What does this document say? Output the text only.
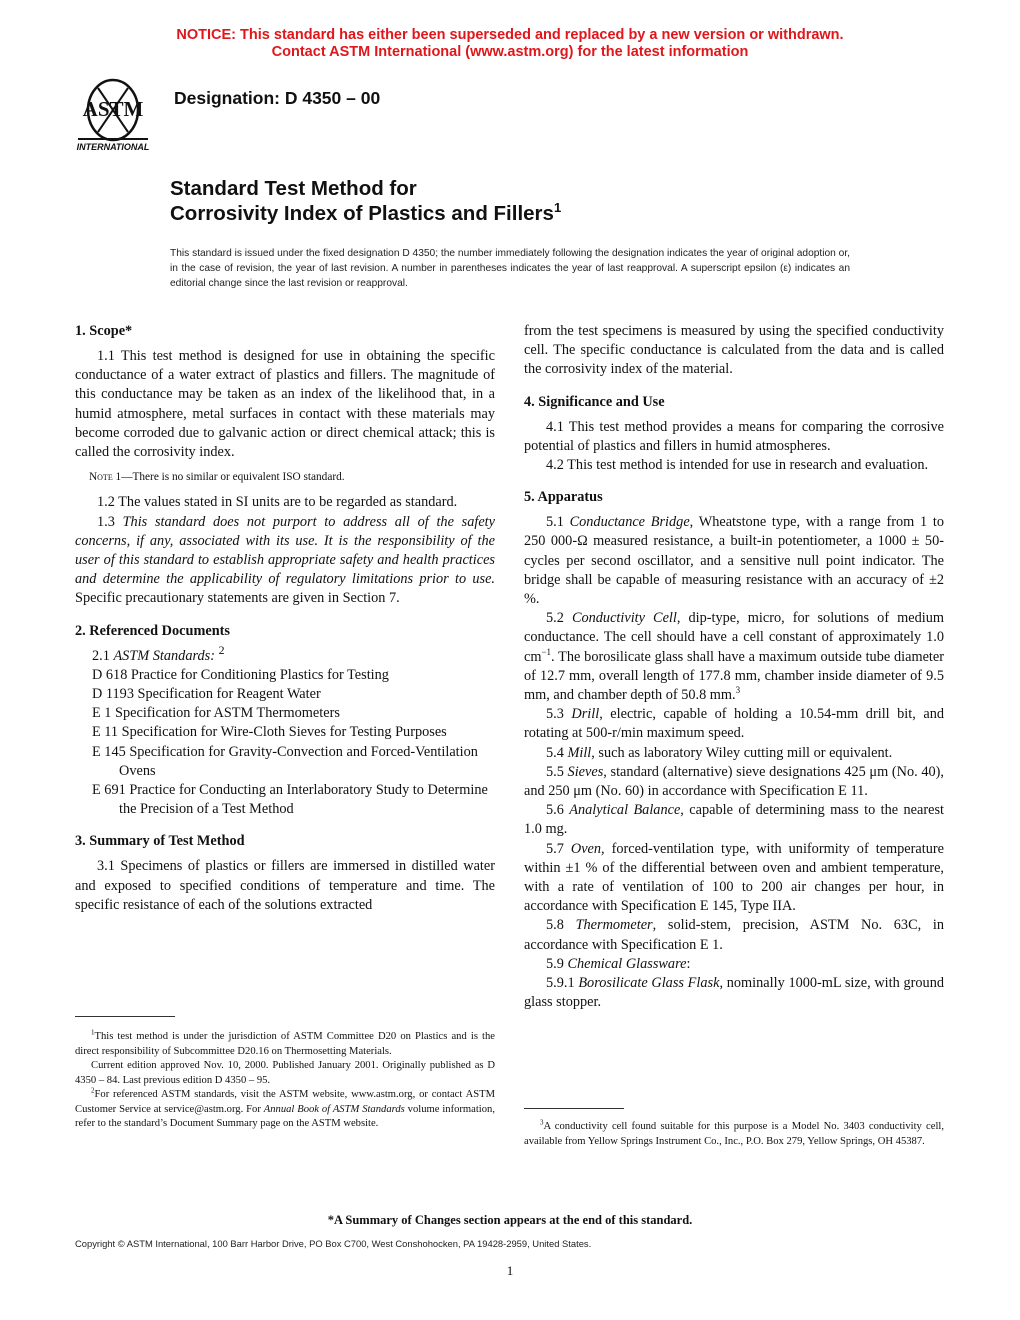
NOTICE: This standard has either been superseded and replaced by a new version or withdrawn.
Contact ASTM International (www.astm.org) for the latest information
ASTM
INTERNATIONAL
Designation: D 4350 – 00
Standard Test Method for
Corrosivity Index of Plastics and Fillers$^1$
This standard is issued under the fixed designation D 4350; the number immediately following the designation indicates the year of original adoption or, in the case of revision, the year of last revision. A number in parentheses indicates the year of last reapproval. A superscript epsilon (ε) indicates an editorial change since the last revision or reapproval.
1. Scope*

1.1 This test method is designed for use in obtaining the specific conductance of a water extract of plastics and fillers. The magnitude of this conductance may be taken as an index of the likelihood that, in a humid atmosphere, metal surfaces in contact with these materials may become corroded due to galvanic action or direct chemical attack; this is called the corrosivity index.

Note 1—There is no similar or equivalent ISO standard.

1.2 The values stated in SI units are to be regarded as standard.

1.3 This standard does not purport to address all of the safety concerns, if any, associated with its use. It is the responsibility of the user of this standard to establish appropriate safety and health practices and determine the applicability of regulatory limitations prior to use. Specific precautionary statements are given in Section 7.

2. Referenced Documents
2.1 ASTM Standards: $^2$
D 618 Practice for Conditioning Plastics for Testing
D 1193 Specification for Reagent Water
E 1 Specification for ASTM Thermometers
E 11 Specification for Wire-Cloth Sieves for Testing Purposes
E 145 Specification for Gravity-Convection and Forced-Ventilation Ovens
E 691 Practice for Conducting an Interlaboratory Study to Determine the Precision of a Test Method
3. Summary of Test Method

3.1 Specimens of plastics or fillers are immersed in distilled water and exposed to specified conditions of temperature and time. The specific resistance of each of the solutions extracted

$^1$This test method is under the jurisdiction of ASTM Committee D20 on Plastics and is the direct responsibility of Subcommittee D20.16 on Thermosetting Materials.

Current edition approved Nov. 10, 2000. Published January 2001. Originally published as D 4350 – 84. Last previous edition D 4350 – 95.

$^2$For referenced ASTM standards, visit the ASTM website, www.astm.org, or contact ASTM Customer Service at service@astm.org. For Annual Book of ASTM Standards volume information, refer to the standard’s Document Summary page on the ASTM website.

from the test specimens is measured by using the specified conductivity cell. The specific conductance is calculated from the data and is called the corrosivity index of the material.

4. Significance and Use

4.1 This test method provides a means for comparing the corrosive potential of plastics and fillers in humid atmospheres.

4.2 This test method is intended for use in research and evaluation.

5. Apparatus

5.1 Conductance Bridge, Wheatstone type, with a range from 1 to 250 000-Ω measured resistance, a built-in potentiometer, a 1000 ± 50-cycles per second oscillator, and a sensitive null point indicator. The bridge shall be capable of measuring resistance with an accuracy of ±2 %.

5.2 Conductivity Cell, dip-type, micro, for solutions of medium conductance. The cell should have a cell constant of approximately 1.0 $cm^{-1}$. The borosilicate glass shall have a maximum outside tube diameter of 12.7 mm, overall length of 177.8 mm, chamber inside diameter of 9.5 mm, and chamber depth of 50.8 mm.$^3$

5.3 Drill, electric, capable of holding a 10.54-mm drill bit, and rotating at 500-r/min maximum speed.

5.4 Mill, such as laboratory Wiley cutting mill or equivalent.

5.5 Sieves, standard (alternative) sieve designations 425 μm (No. 40), and 250 μm (No. 60) in accordance with Specification E 11.

5.6 Analytical Balance, capable of determining mass to the nearest 1.0 mg.

5.7 Oven, forced-ventilation type, with uniformity of temperature within ±1 % of the differential between oven and ambient temperature, with a rate of ventilation of 100 to 200 air changes per hour, in accordance with Specification E 145, Type IIA.

5.8 Thermometer, solid-stem, precision, ASTM No. 63C, in accordance with Specification E 1.

5.9 Chemical Glassware:

5.9.1 Borosilicate Glass Flask, nominally 1000-mL size, with ground glass stopper.

$^3$A conductivity cell found suitable for this purpose is a Model No. 3403 conductivity cell, available from Yellow Springs Instrument Co., Inc., P.O. Box 279, Yellow Springs, OH 45387.

*A Summary of Changes section appears at the end of this standard.
Copyright © ASTM International, 100 Barr Harbor Drive, PO Box C700, West Conshohocken, PA 19428-2959, United States.
1
